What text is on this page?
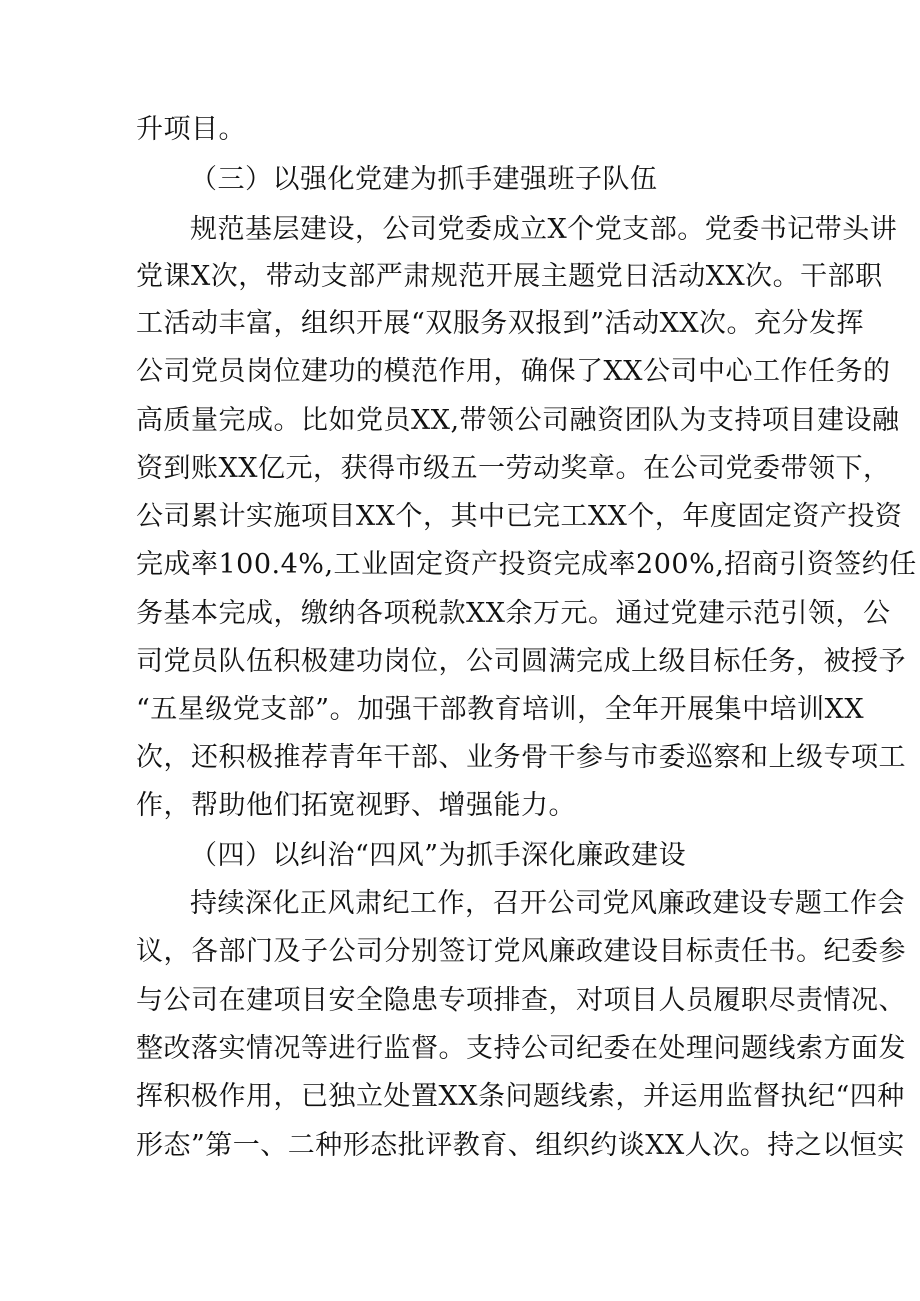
升项目。
（三）以强化党建为抓手建强班子队伍
规范基层建设，公司党委成立X个党支部。党委书记带头讲
党课X次，带动支部严肃规范开展主题党日活动XX次。干部职
工活动丰富，组织开展“双服务双报到”活动XX次。充分发挥
公司党员岗位建功的模范作用，确保了XX公司中心工作任务的
高质量完成。比如党员XX,带领公司融资团队为支持项目建设融
资到账XX亿元，获得市级五一劳动奖章。在公司党委带领下，
公司累计实施项目XX个，其中已完工XX个，年度固定资产投资
完成率100.4%,工业固定资产投资完成率200%,招商引资签约任
务基本完成，缴纳各项税款XX余万元。通过党建示范引领，公
司党员队伍积极建功岗位，公司圆满完成上级目标任务，被授予
“五星级党支部”。加强干部教育培训，全年开展集中培训XX
次，还积极推荐青年干部、业务骨干参与市委巡察和上级专项工
作，帮助他们拓宽视野、增强能力。
（四）以纠治“四风”为抓手深化廉政建设
持续深化正风肃纪工作，召开公司党风廉政建设专题工作会
议，各部门及子公司分别签订党风廉政建设目标责任书。纪委参
与公司在建项目安全隐患专项排查，对项目人员履职尽责情况、
整改落实情况等进行监督。支持公司纪委在处理问题线索方面发
挥积极作用，已独立处置XX条问题线索，并运用监督执纪“四种
形态”第一、二种形态批评教育、组织约谈XX人次。持之以恒实
